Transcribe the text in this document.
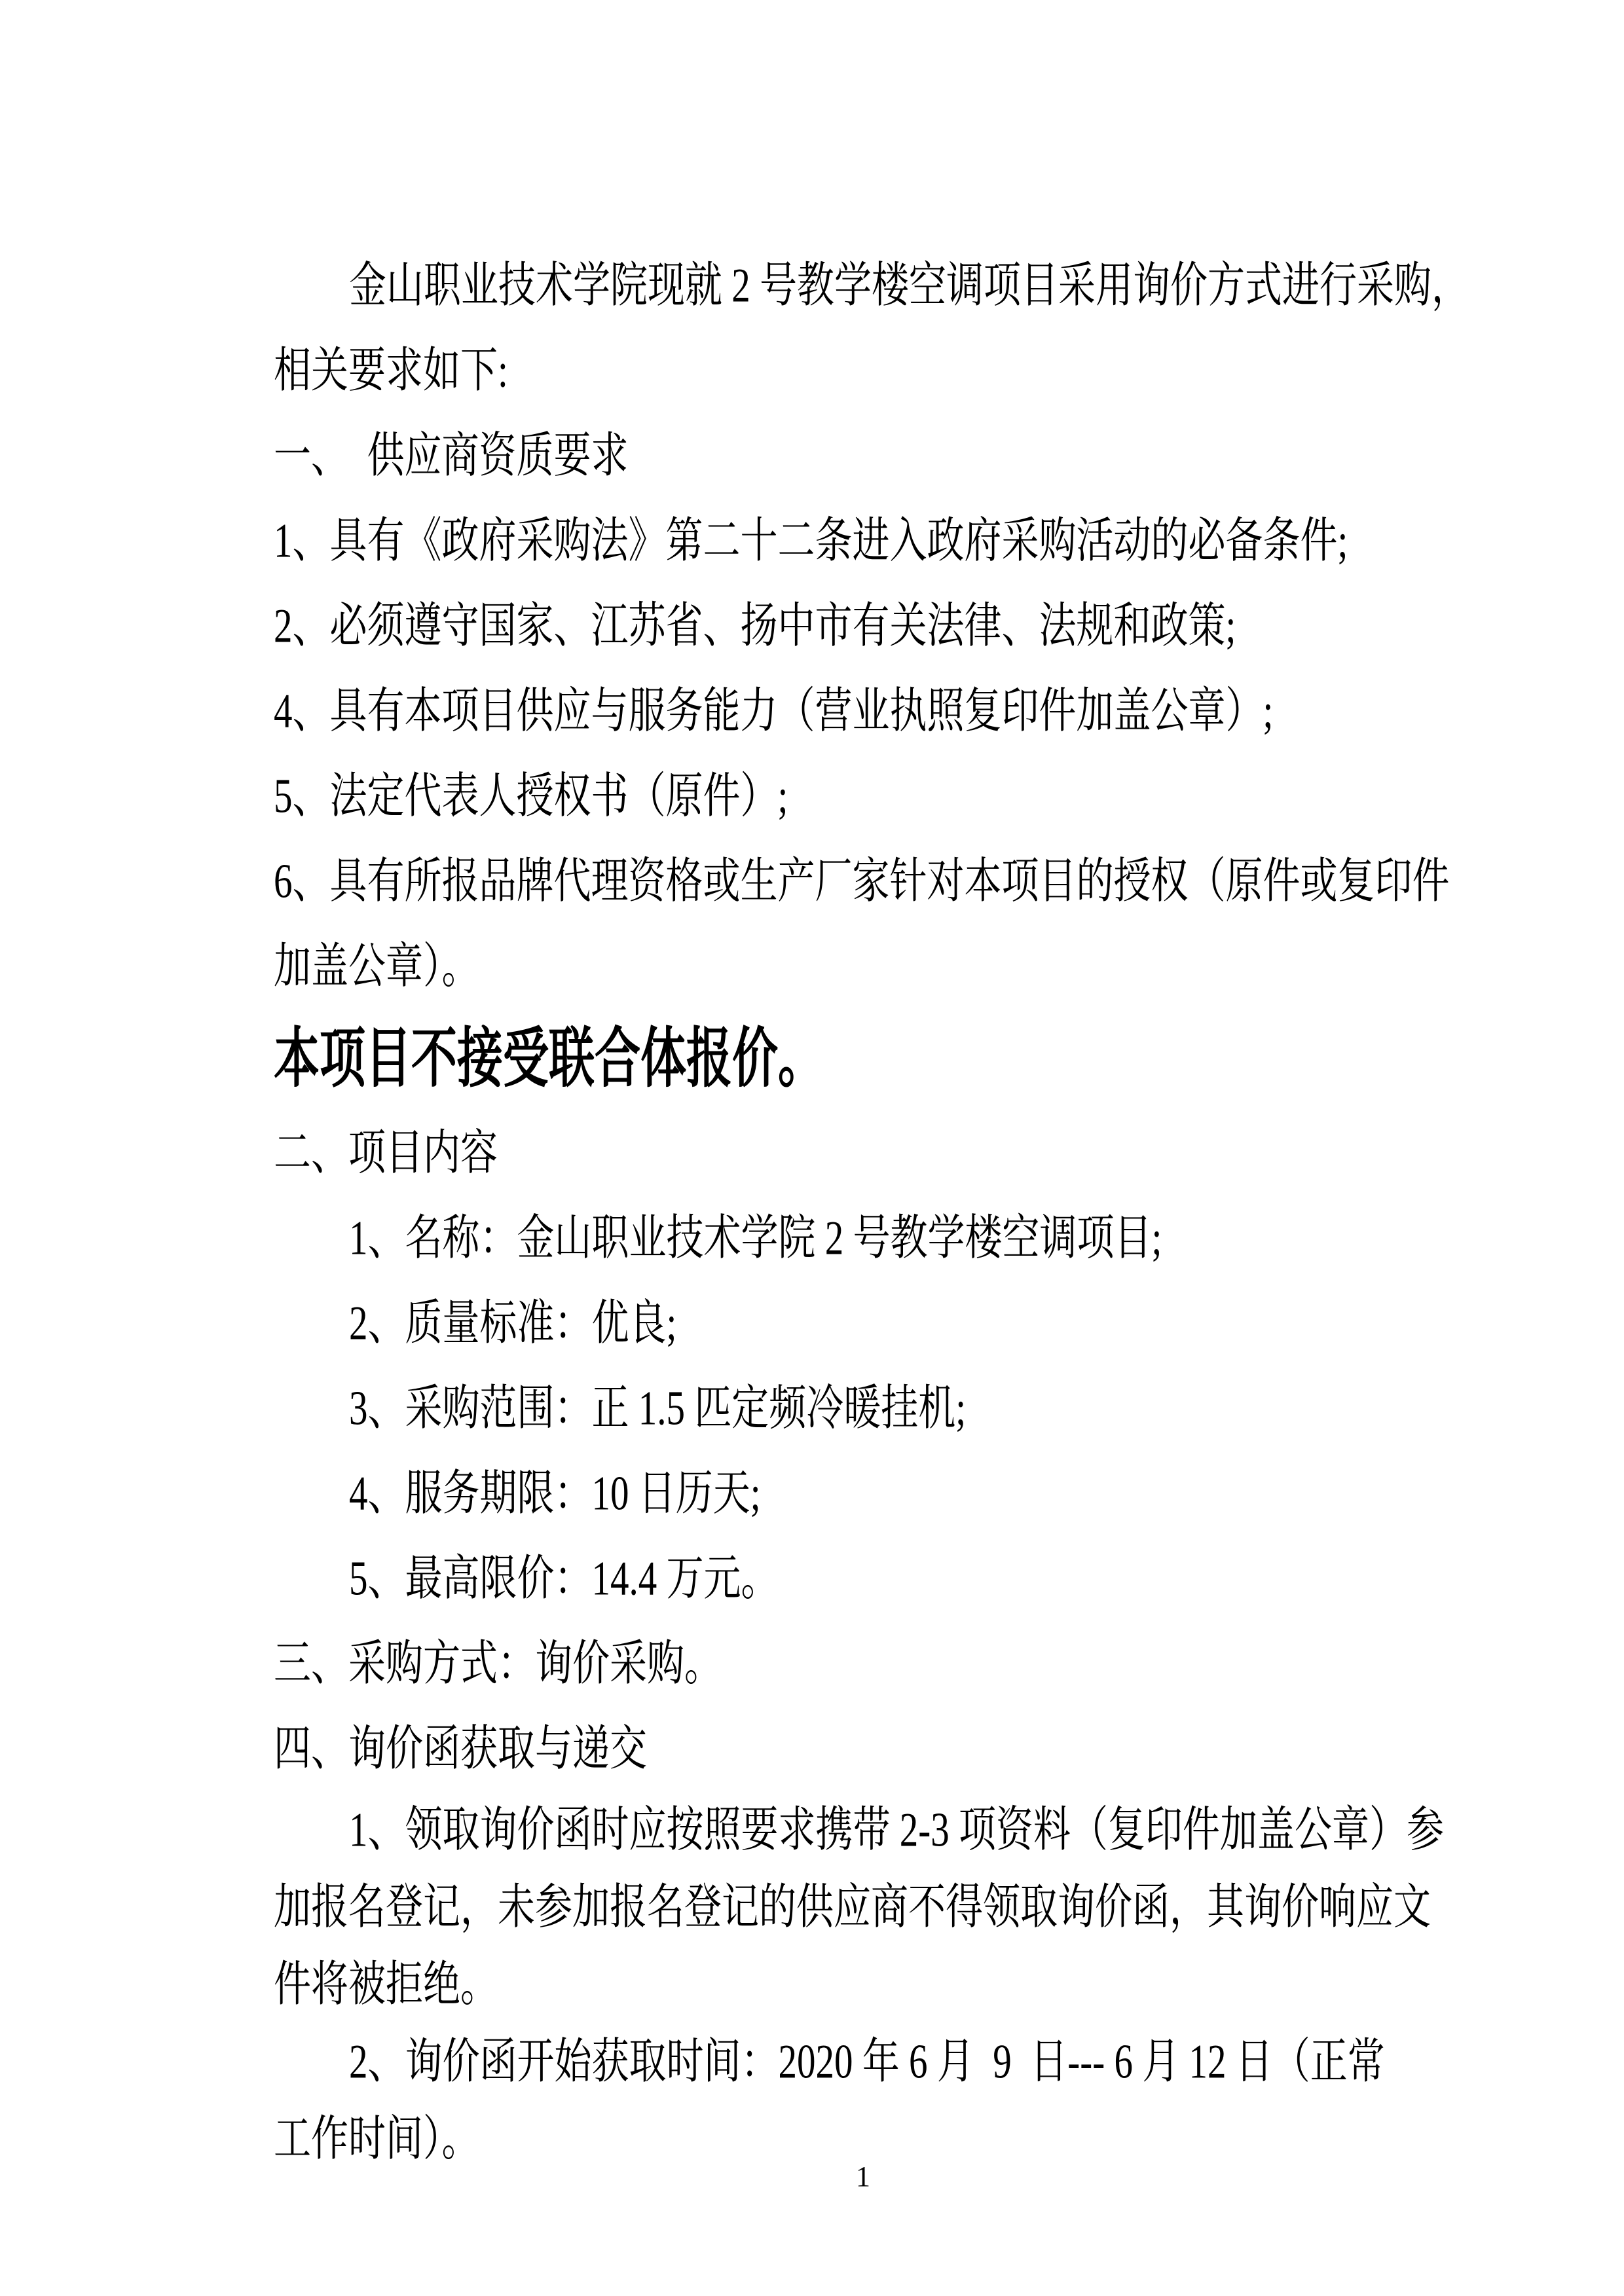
金山职业技术学院现就 2 号教学楼空调项目采用询价方式进行采购，
相关要求如下:
一、  供应商资质要求
1、具有《政府采购法》第二十二条进入政府采购活动的必备条件;
2、必须遵守国家、江苏省、扬中市有关法律、法规和政策;
4、具有本项目供应与服务能力（营业执照复印件加盖公章）;
5、法定代表人授权书（原件）;
6、具有所报品牌代理资格或生产厂家针对本项目的授权（原件或复印件
加盖公章）。
本项目不接受联合体报价。
二、项目内容
1、名称：金山职业技术学院 2 号教学楼空调项目;
2、质量标准：优良;
3、采购范围：正 1.5 匹定频冷暖挂机;
4、服务期限：10 日历天;
5、最高限价：14.4 万元。
三、采购方式：询价采购。
四、询价函获取与递交
1、领取询价函时应按照要求携带 2-3 项资料（复印件加盖公章）参
加报名登记，未参加报名登记的供应商不得领取询价函，其询价响应文
件将被拒绝。
2、询价函开始获取时间：2020 年 6 月  9  日--- 6 月 12 日（正常
工作时间）。
1
